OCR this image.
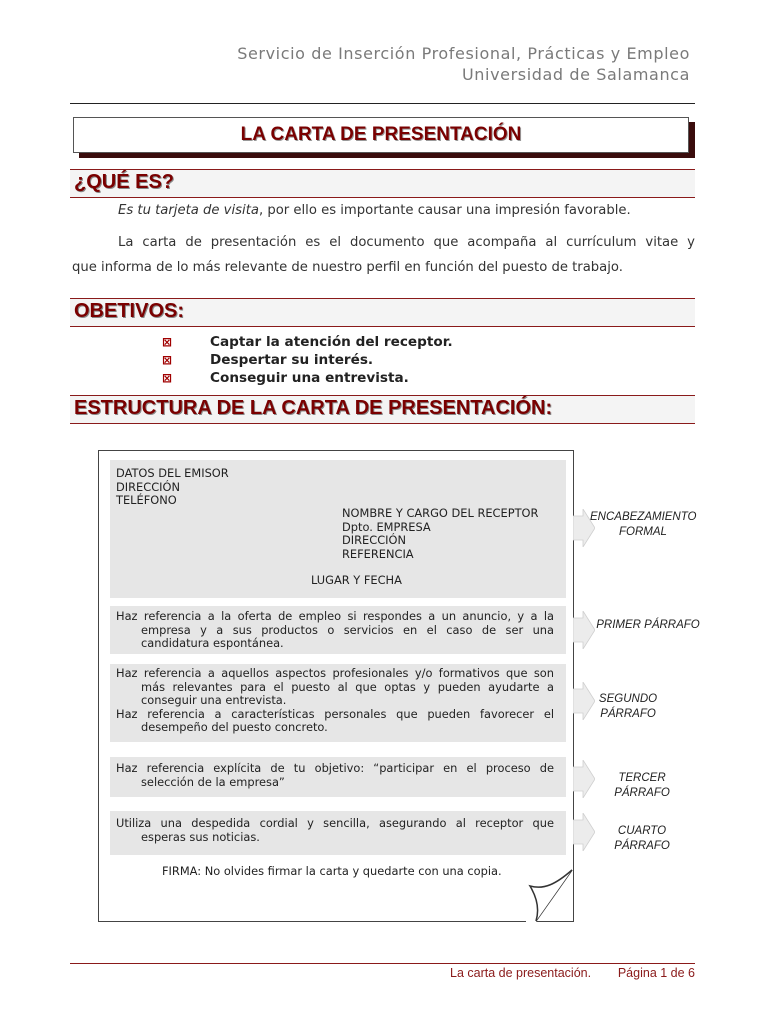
Servicio de Inserción Profesional, Prácticas y Empleo
Universidad de Salamanca
LA CARTA DE PRESENTACIÓN
¿QUÉ ES?
Es tu tarjeta de visita, por ello es importante causar una impresión favorable.
La carta de presentación es el documento que acompaña al currículum vitae y
que informa de lo más relevante de nuestro perfil en función del puesto de trabajo.
OBETIVOS:
⊠	Captar la atención del receptor.
⊠	Despertar su interés.
⊠	Conseguir una entrevista.
ESTRUCTURA DE LA CARTA DE PRESENTACIÓN:
DATOS DEL EMISOR
DIRECCIÓN
TELÉFONO
NOMBRE Y CARGO DEL RECEPTOR
Dpto. EMPRESA
DIRECCIÓN
REFERENCIA
LUGAR Y FECHA
Haz referencia a la oferta de empleo si respondes a un anuncio, y a la
empresa y a sus productos o servicios en el caso de ser una
candidatura espontánea.
Haz referencia a aquellos aspectos profesionales y/o formativos que son
más relevantes para el puesto al que optas y pueden ayudarte a
conseguir una entrevista.
Haz referencia a características personales que pueden favorecer el
desempeño del puesto concreto.
Haz referencia explícita de tu objetivo: “participar en el proceso de
selección de la empresa”
Utiliza una despedida cordial y sencilla, asegurando al receptor que
esperas sus noticias.
FIRMA: No olvides firmar la carta y quedarte con una copia.
ENCABEZAMIENTO
FORMAL
PRIMER PÁRRAFO
SEGUNDO
PÁRRAFO
TERCER PÁRRAFO
CUARTO PÁRRAFO
La carta de presentación. Página 1 de 6
